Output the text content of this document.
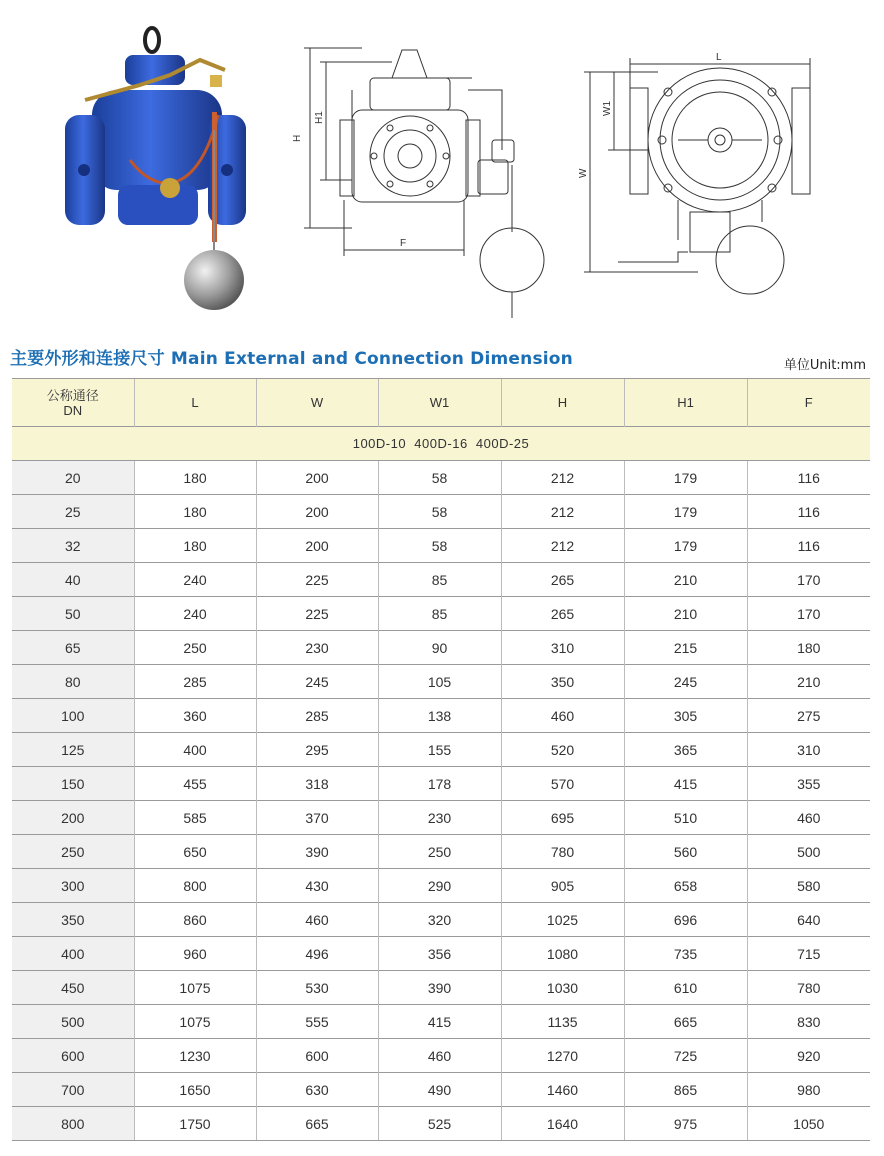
H
H1
F
L
W
W1
主要外形和连接尺寸 Main External and Connection Dimension	单位Unit:mm
公称通径
DN	L	W	W1	H	H1	F
100D-10  400D-16  400D-25						
20	180	200	58	212	179	116
25	180	200	58	212	179	116
32	180	200	58	212	179	116
40	240	225	85	265	210	170
50	240	225	85	265	210	170
65	250	230	90	310	215	180
80	285	245	105	350	245	210
100	360	285	138	460	305	275
125	400	295	155	520	365	310
150	455	318	178	570	415	355
200	585	370	230	695	510	460
250	650	390	250	780	560	500
300	800	430	290	905	658	580
350	860	460	320	1025	696	640
400	960	496	356	1080	735	715
450	1075	530	390	1030	610	780
500	1075	555	415	1135	665	830
600	1230	600	460	1270	725	920
700	1650	630	490	1460	865	980
800	1750	665	525	1640	975	1050
